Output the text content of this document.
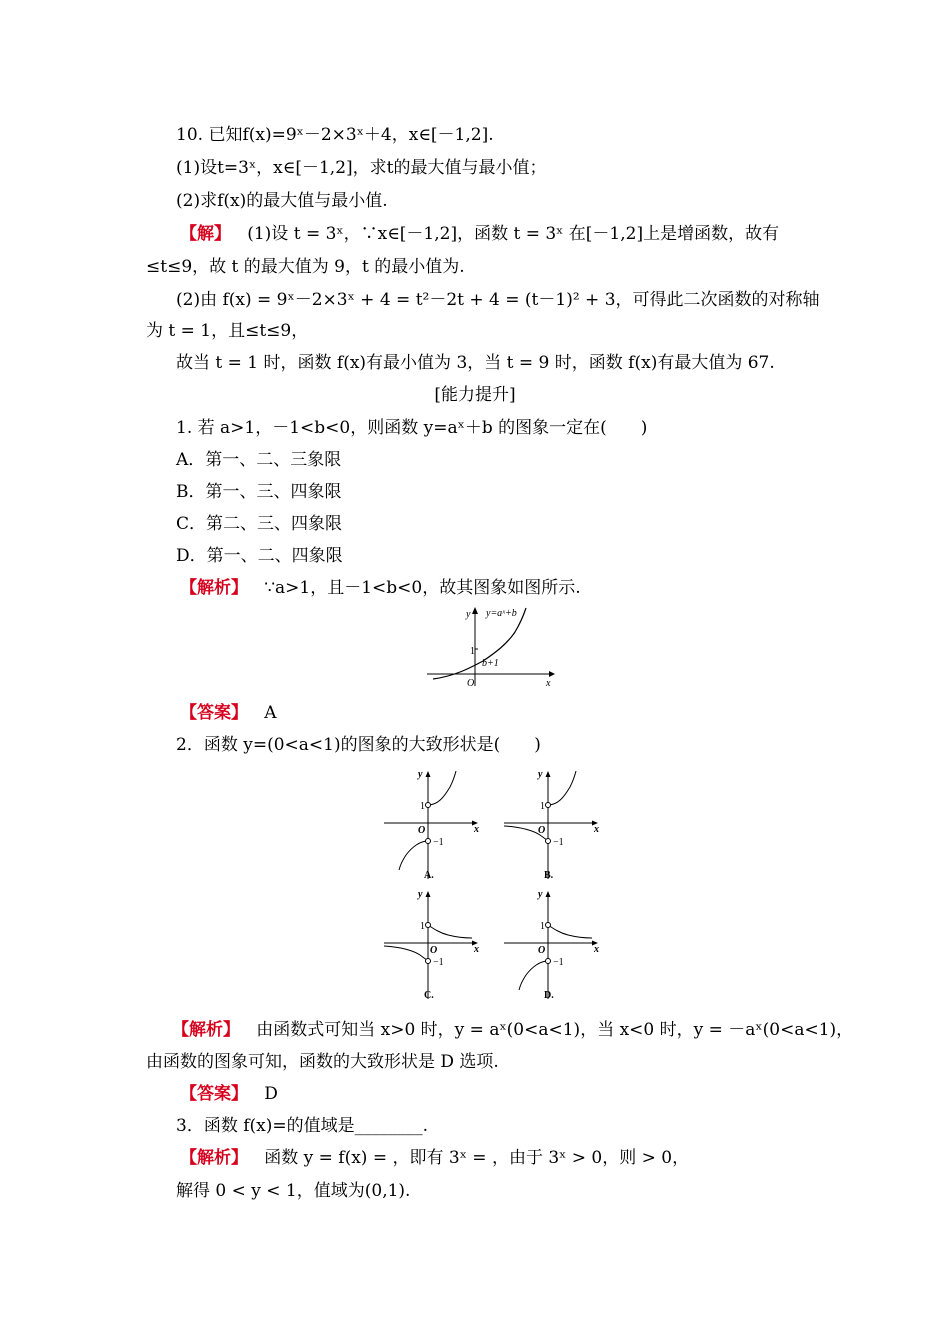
10. 已知f(x)=9ˣ－2×3ˣ＋4，x∈[－1,2].
(1)设t=3ˣ，x∈[－1,2]，求t的最大值与最小值；
(2)求f(x)的最大值与最小值.
【解】 (1)设 t = 3ˣ，∵x∈[－1,2]，函数 t = 3ˣ 在[－1,2]上是增函数，故有
≤t≤9，故 t 的最大值为 9，t 的最小值为.
(2)由 f(x) = 9ˣ－2×3ˣ + 4 = t²－2t + 4 = (t－1)² + 3，可得此二次函数的对称轴
为 t = 1，且≤t≤9，
故当 t = 1 时，函数 f(x)有最小值为 3，当 t = 9 时，函数 f(x)有最大值为 67.
[能力提升]
1. 若 a>1，－1<b<0，则函数 y=aˣ＋b 的图象一定在(　　)
A．第一、二、三象限
B．第一、三、四象限
C．第二、三、四象限
D．第一、二、四象限
【解析】 ∵a>1，且－1<b<0，故其图象如图所示.
y=aˣ+b
y
x
O
1
b+1
【答案】 A
2．函数 y=(0<a<1)的图象的大致形状是(　　)
y
x
O
1
−1
A.
y
x
O
1
−1
B.
y
x
O
1
−1
C.
y
x
O
1
−1
D.
【解析】 由函数式可知当 x>0 时，y = aˣ(0<a<1)，当 x<0 时，y = －aˣ(0<a<1)，
由函数的图象可知，函数的大致形状是 D 选项.
【答案】 D
3．函数 f(x)=的值域是________.
【解析】 函数 y = f(x) = ，即有 3ˣ = ，由于 3ˣ > 0，则 > 0，
解得 0 < y < 1，值域为(0,1).
